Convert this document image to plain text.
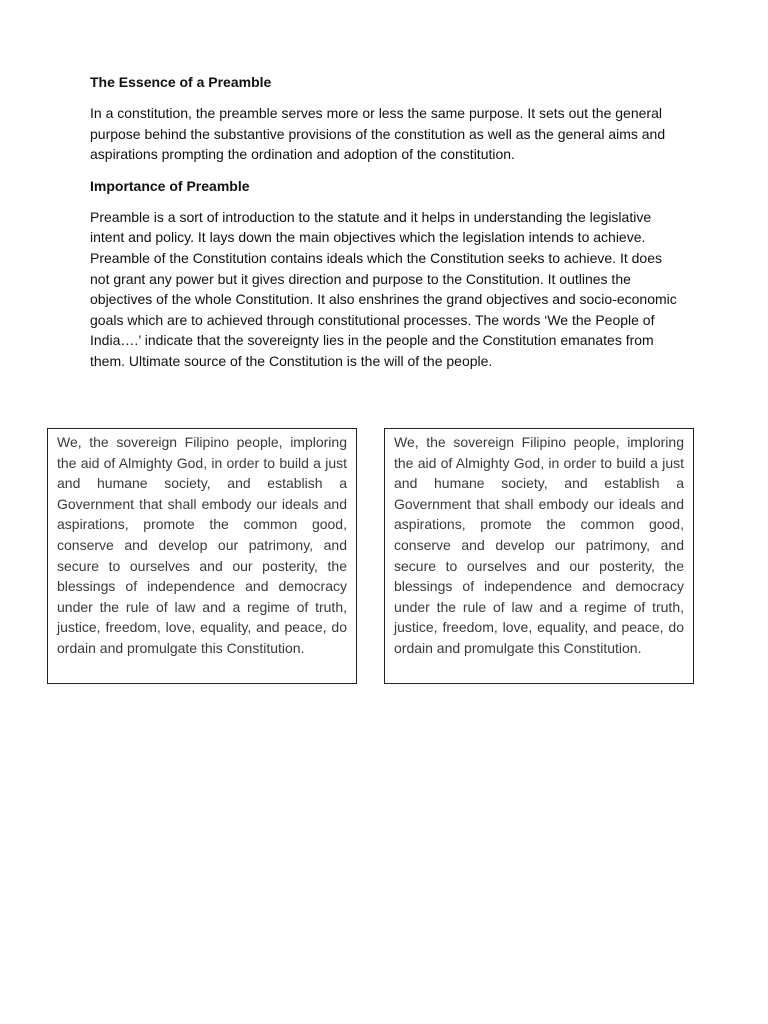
The Essence of a Preamble

In a constitution, the preamble serves more or less the same purpose. It sets out the general purpose behind the substantive provisions of the constitution as well as the general aims and aspirations prompting the ordination and adoption of the constitution.

Importance of Preamble

Preamble is a sort of introduction to the statute and it helps in understanding the legislative intent and policy. It lays down the main objectives which the legislation intends to achieve. Preamble of the Constitution contains ideals which the Constitution seeks to achieve. It does not grant any power but it gives direction and purpose to the Constitution. It outlines the objectives of the whole Constitution. It also enshrines the grand objectives and socio-economic goals which are to achieved through constitutional processes. The words ‘We the People of India….’ indicate that the sovereignty lies in the people and the Constitution emanates from them. Ultimate source of the Constitution is the will of the people.

We, the sovereign Filipino people, imploring the aid of Almighty God, in order to build a just and humane society, and establish a Government that shall embody our ideals and aspirations, promote the common good, conserve and develop our patrimony, and secure to ourselves and our posterity, the blessings of independence and democracy under the rule of law and a regime of truth, justice, freedom, love, equality, and peace, do ordain and promulgate this Constitution.
We, the sovereign Filipino people, imploring the aid of Almighty God, in order to build a just and humane society, and establish a Government that shall embody our ideals and aspirations, promote the common good, conserve and develop our patrimony, and secure to ourselves and our posterity, the blessings of independence and democracy under the rule of law and a regime of truth, justice, freedom, love, equality, and peace, do ordain and promulgate this Constitution.
